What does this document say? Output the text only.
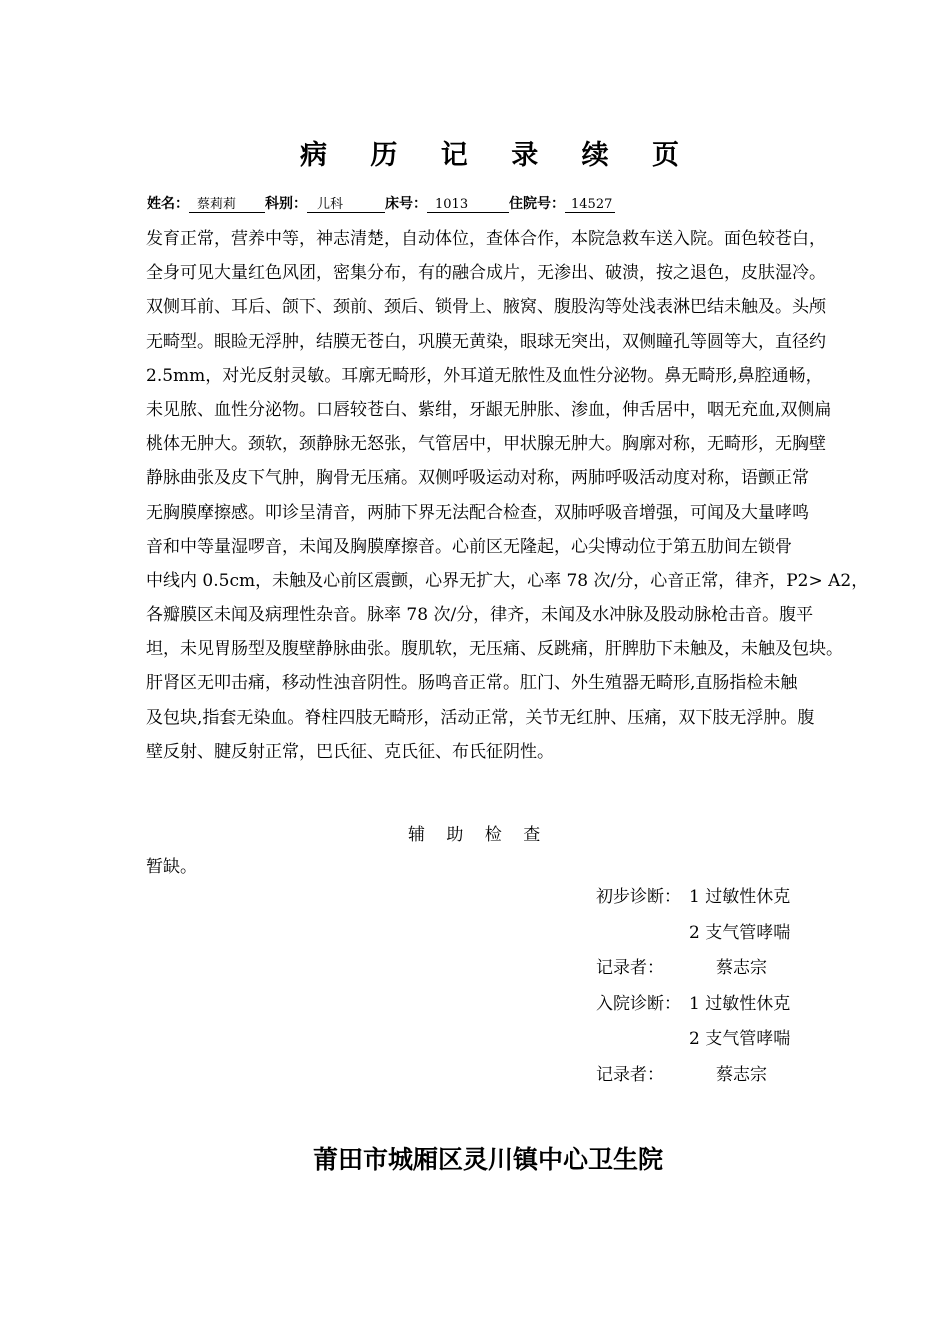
病 历 记 录 续 页
姓名： 蔡莉莉 科别： 儿科	床号： 1013	住院号： 14527
发育正常，营养中等，神志清楚，自动体位，查体合作，本院急救车送入院。面色较苍白，
全身可见大量红色风团，密集分布，有的融合成片，无渗出、破溃，按之退色，皮肤湿冷。
双侧耳前、耳后、颌下、颈前、颈后、锁骨上、腋窝、腹股沟等处浅表淋巴结未触及。头颅
无畸型。眼睑无浮肿，结膜无苍白，巩膜无黄染，眼球无突出，双侧瞳孔等圆等大，直径约
2.5mm，对光反射灵敏。耳廓无畸形，外耳道无脓性及血性分泌物。鼻无畸形,鼻腔通畅，
未见脓、血性分泌物。口唇较苍白、紫绀，牙龈无肿胀、渗血，伸舌居中，咽无充血,双侧扁
桃体无肿大。颈软，颈静脉无怒张，气管居中，甲状腺无肿大。胸廓对称，无畸形，无胸壁
静脉曲张及皮下气肿，胸骨无压痛。双侧呼吸运动对称，两肺呼吸活动度对称，语颤正常
无胸膜摩擦感。叩诊呈清音，两肺下界无法配合检查，双肺呼吸音增强，可闻及大量哮鸣
音和中等量湿啰音，未闻及胸膜摩擦音。心前区无隆起，心尖博动位于第五肋间左锁骨
中线内 0.5cm，未触及心前区震颤，心界无扩大，心率 78 次/分，心音正常，律齐，P2> A2，
各瓣膜区未闻及病理性杂音。脉率 78 次/分，律齐，未闻及水冲脉及股动脉枪击音。腹平
坦，未见胃肠型及腹壁静脉曲张。腹肌软，无压痛、反跳痛，肝脾肋下未触及，未触及包块。
肝肾区无叩击痛，移动性浊音阴性。肠鸣音正常。肛门、外生殖器无畸形,直肠指检未触
及包块,指套无染血。脊柱四肢无畸形，活动正常，关节无红肿、压痛，双下肢无浮肿。腹
壁反射、腱反射正常，巴氏征、克氏征、布氏征阴性。
辅 助 检 查
暂缺。
初步诊断： 1 过敏性休克
2 支气管哮喘
记录者：	蔡志宗
入院诊断： 1 过敏性休克
2 支气管哮喘
记录者：	蔡志宗
莆田市城厢区灵川镇中心卫生院
